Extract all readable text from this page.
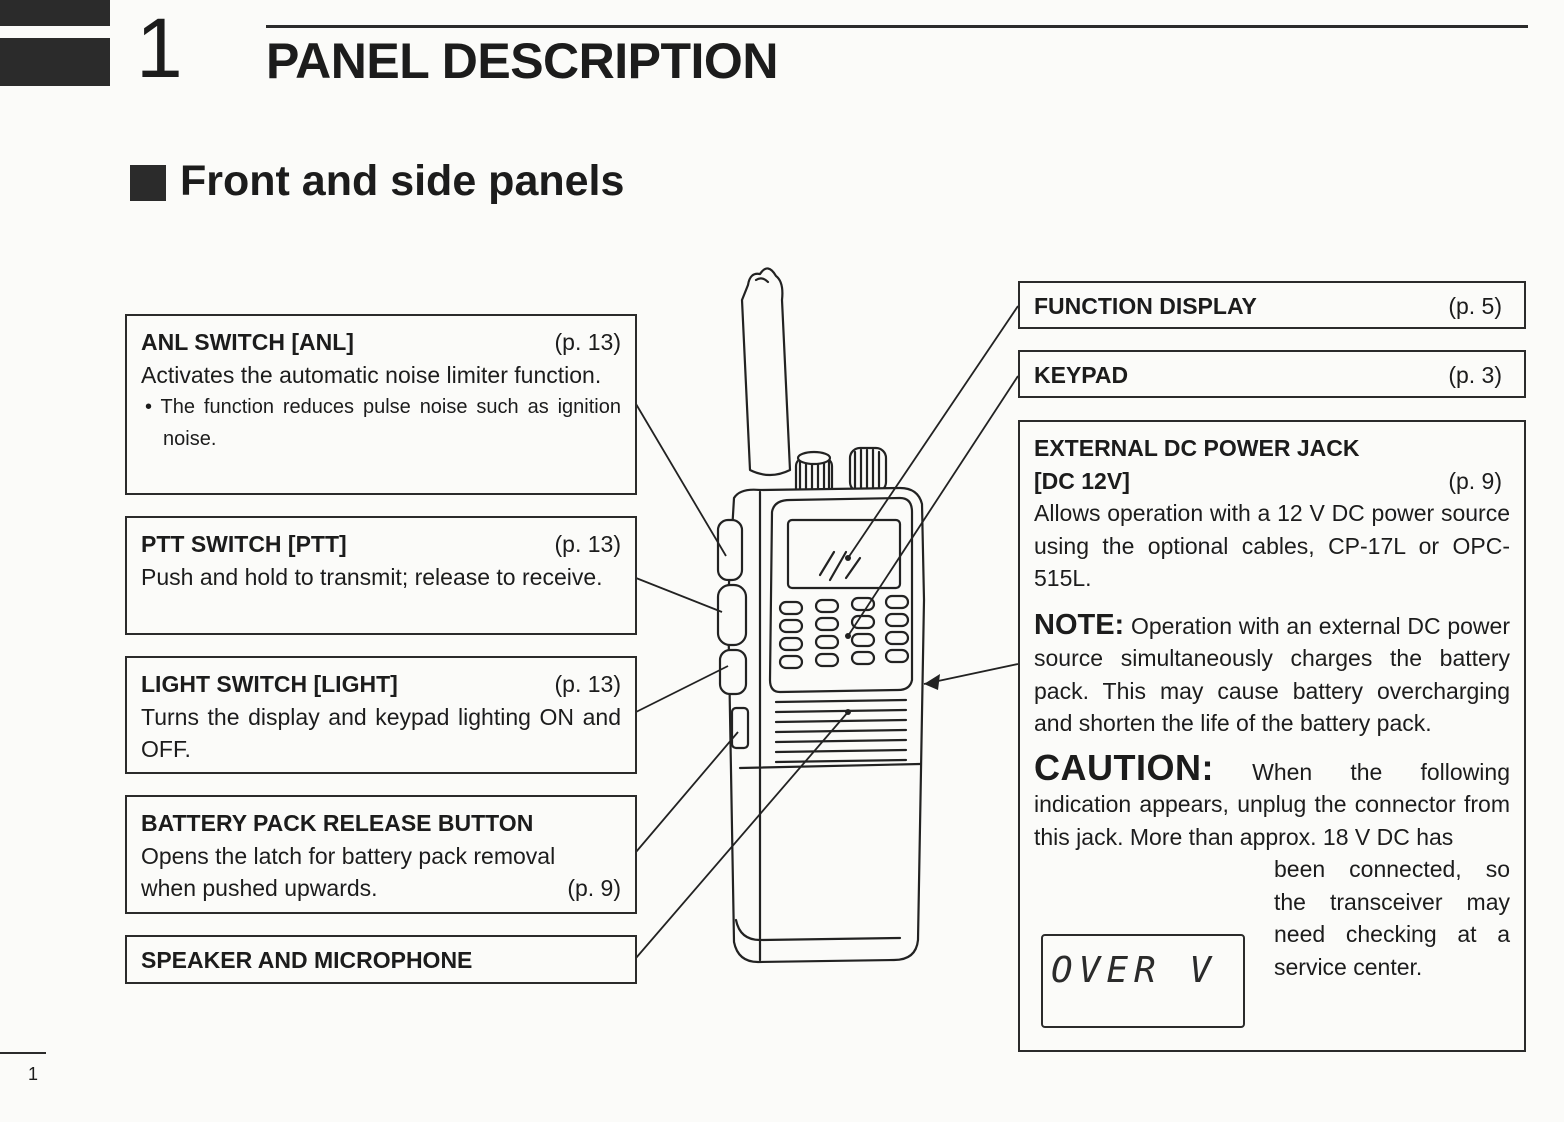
1 PANEL DESCRIPTION
Front and side panels
ANL SWITCH [ANL]	(p. 13)
Activates the automatic noise limiter function.
• The function reduces pulse noise such as ignition noise.
PTT SWITCH [PTT]	(p. 13)
Push and hold to transmit; release to receive.
LIGHT SWITCH [LIGHT]	(p. 13)
Turns the display and keypad lighting ON and OFF.
BATTERY PACK RELEASE BUTTON
Opens the latch for battery pack removal
when pushed upwards.	(p. 9)
SPEAKER AND MICROPHONE
FUNCTION DISPLAY	(p. 5)
KEYPAD	(p. 3)
EXTERNAL DC POWER JACK
[DC 12V]	(p. 9)
Allows operation with a 12 V DC power source using the optional cables, CP-17L or OPC-515L.
NOTE: Operation with an external DC power source simultaneously charges the battery pack. This may cause battery overcharging and shorten the life of the battery pack.
CAUTION: When the following indication appears, unplug the connector from this jack. More than approx. 18 V DC has
been connected, so the transceiver may need checking at a service center.
OVER V
1
